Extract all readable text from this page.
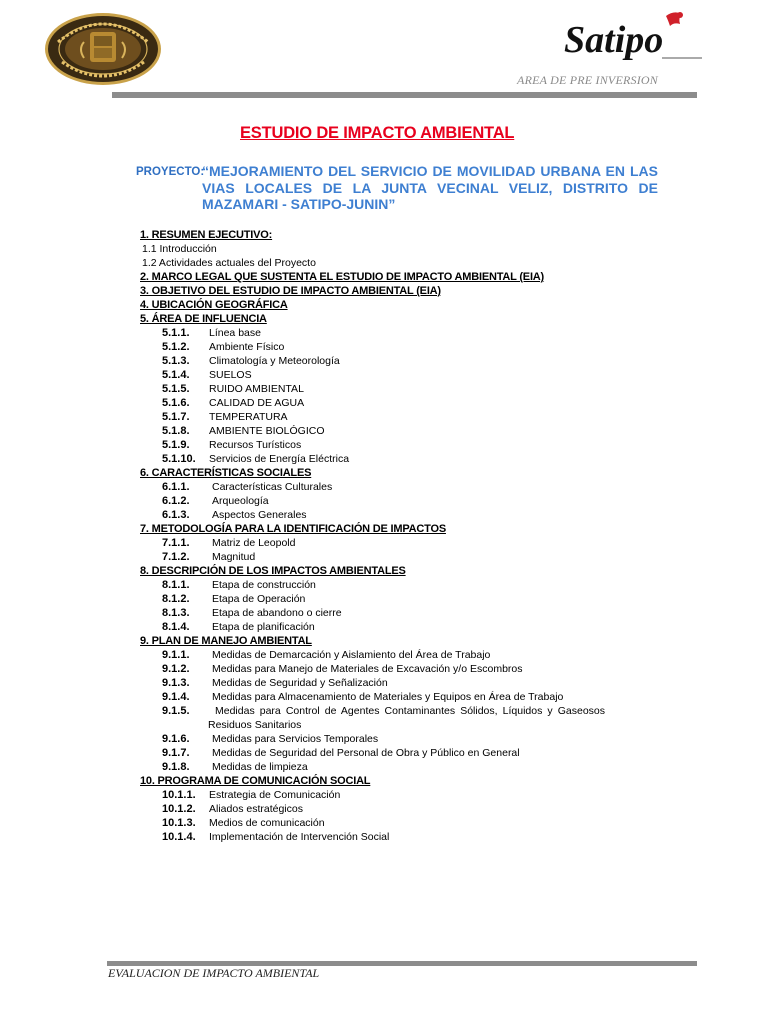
Satipo
AREA DE PRE INVERSION
ESTUDIO DE IMPACTO AMBIENTAL
PROYECTO:
“MEJORAMIENTO DEL SERVICIO DE MOVILIDAD URBANA EN LAS VIAS LOCALES DE LA JUNTA VECINAL VELIZ, DISTRITO DE MAZAMARI - SATIPO-JUNIN”
1. RESUMEN EJECUTIVO:
1.1 Introducción
1.2 Actividades actuales del Proyecto
2. MARCO LEGAL QUE SUSTENTA EL ESTUDIO DE IMPACTO AMBIENTAL (EIA)
3. OBJETIVO DEL ESTUDIO DE IMPACTO AMBIENTAL (EIA)
4. UBICACIÓN GEOGRÁFICA
5. ÁREA DE INFLUENCIA
5.1.1. Línea base
5.1.2. Ambiente Físico
5.1.3. Climatología y Meteorología
5.1.4. SUELOS
5.1.5. RUIDO AMBIENTAL
5.1.6. CALIDAD DE AGUA
5.1.7. TEMPERATURA
5.1.8. AMBIENTE BIOLÓGICO
5.1.9. Recursos Turísticos
5.1.10. Servicios de Energía Eléctrica
6. CARACTERÍSTICAS SOCIALES
6.1.1. Características Culturales
6.1.2. Arqueología
6.1.3. Aspectos Generales
7. METODOLOGÍA PARA LA IDENTIFICACIÓN DE IMPACTOS
7.1.1. Matriz de Leopold
7.1.2. Magnitud
8. DESCRIPCIÓN DE LOS IMPACTOS AMBIENTALES
8.1.1. Etapa de construcción
8.1.2. Etapa de Operación
8.1.3. Etapa de abandono o cierre
8.1.4. Etapa de planificación
9. PLAN DE MANEJO AMBIENTAL
9.1.1. Medidas de Demarcación y Aislamiento del Área de Trabajo
9.1.2. Medidas para Manejo de Materiales de Excavación y/o Escombros
9.1.3. Medidas de Seguridad y Señalización
9.1.4. Medidas para Almacenamiento de Materiales y Equipos en Área de Trabajo
9.1.5. Medidas para Control de Agentes Contaminantes Sólidos, Líquidos y Gaseosos
Residuos Sanitarios
9.1.6. Medidas para Servicios Temporales
9.1.7. Medidas de Seguridad del Personal de Obra y Público en General
9.1.8. Medidas de limpieza
10. PROGRAMA DE COMUNICACIÓN SOCIAL
10.1.1. Estrategia de Comunicación
10.1.2. Aliados estratégicos
10.1.3. Medios de comunicación
10.1.4. Implementación de Intervención Social
EVALUACION DE IMPACTO AMBIENTAL
